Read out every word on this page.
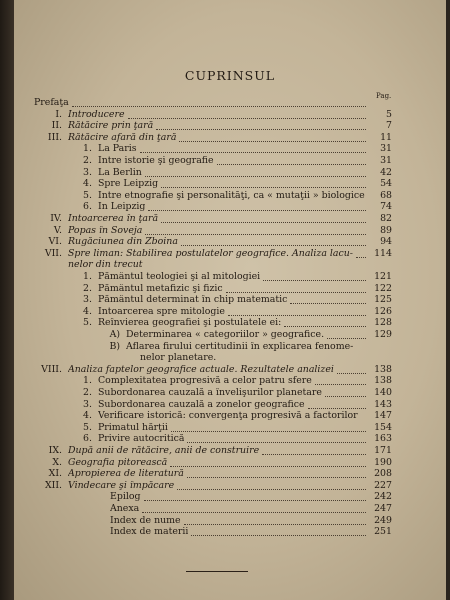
CUPRINSUL
Pag.
Prefaţa
I. Introducere	5
II. Rătăcire prin ţară	7
III. Rătăcire afară din ţară	11
1. La Paris	31
2. Intre istorie şi geografie	31
3. La Berlin	42
4. Spre Leipzig	54
5. Intre etnografie şi personalitāţi, ca « mutaţii » biologice	68
6. In Leipzig	74
IV. Intoarcerea în ţară	82
V. Popas în Soveja	89
VI. Rugăciunea din Zboina	94
VII. Spre liman: Stabilirea postulatelor geografice. Analiza lacu-	114
nelor din trecut
1. Pământul teologiei şi al mitologiei	121
2. Pământul metafizic şi fizic	122
3. Pământul determinat în chip matematic	125
4. Intoarcerea spre mitologie	126
5. Reînvierea geografiei şi postulatele ei:	128
A) Determinarea « categoriilor » geografice.	129
B) Aflarea firului certitudinii în explicarea fenome-
nelor planetare.
VIII. Analiza faptelor geografice actuale. Rezultatele analizei	138
1. Complexitatea progresivă a celor patru sfere	138
2. Subordonarea cauzală a învelişurilor planetare	140
3. Subordonarea cauzală a zonelor geografice	143
4. Verificare istorică: convergenţa progresivă a factorilor	147
5. Primatul hărţii	154
6. Privire autocritică	163
IX. După anii de rătăcire, anii de construire	171
X. Geografia pitorească	190
XI. Apropierea de literatură	208
XII. Vindecare şi împăcare	227
Epilog	242
Anexa	247
Index de nume	249
Index de materii	251
